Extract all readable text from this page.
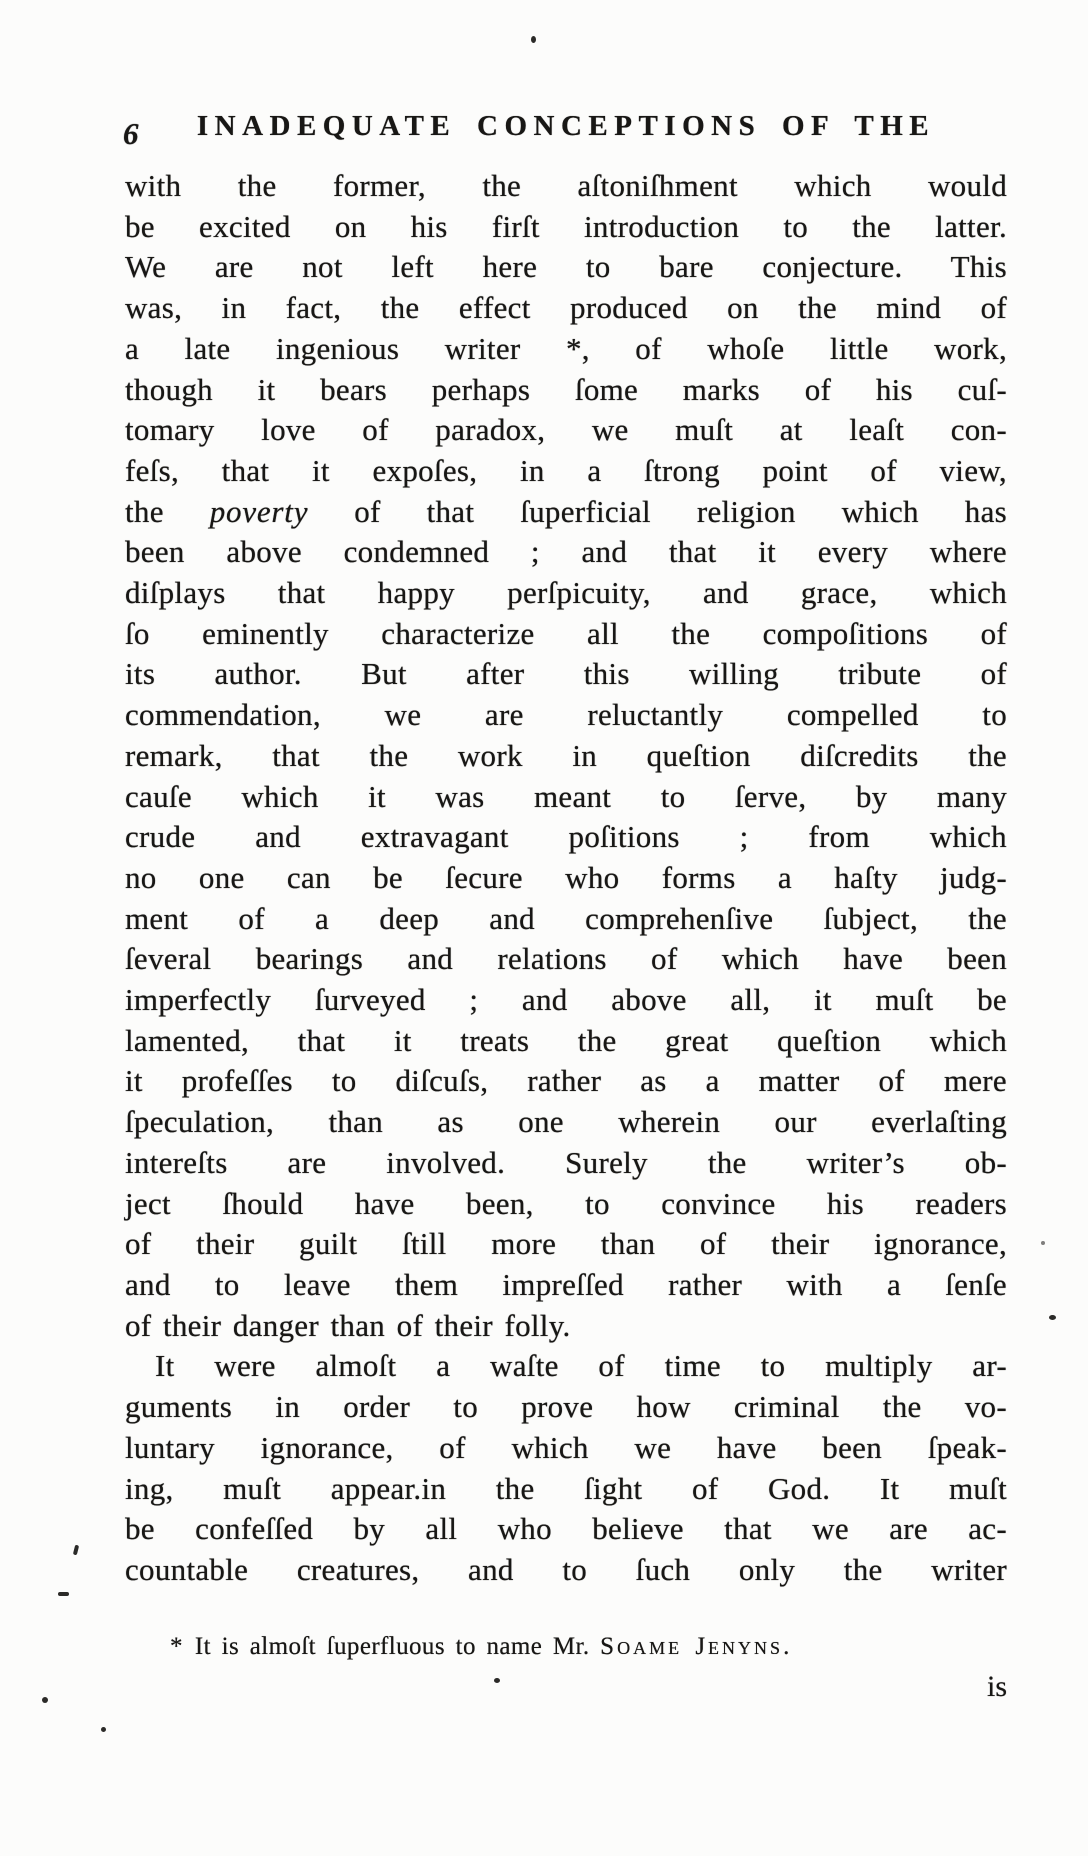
6	INADEQUATE CONCEPTIONS OF THE
with the former, the aſtoniſhment which would
be excited on his firſt introduction to the latter.
We are not left here to bare conjecture. This
was, in fact, the effect produced on the mind of
a late ingenious writer *, of whoſe little work,
though it bears perhaps ſome marks of his cuſ-
tomary love of paradox, we muſt at leaſt con-
feſs, that it expoſes, in a ſtrong point of view,
the poverty of that ſuperficial religion which has
been above condemned ; and that it every where
diſplays that happy perſpicuity, and grace, which
ſo eminently characterize all the compoſitions of
its author. But after this willing tribute of
commendation, we are reluctantly compelled to
remark, that the work in queſtion diſcredits the
cauſe which it was meant to ſerve, by many
crude and extravagant poſitions ; from which
no one can be ſecure who forms a haſty judg-
ment of a deep and comprehenſive ſubject, the
ſeveral bearings and relations of which have been
imperfectly ſurveyed ; and above all, it muſt be
lamented, that it treats the great queſtion which
it profeſſes to diſcuſs, rather as a matter of mere
ſpeculation, than as one wherein our everlaſting
intereſts are involved. Surely the writer’s ob-
ject ſhould have been, to convince his readers
of their guilt ſtill more than of their ignorance,
and to leave them impreſſed rather with a ſenſe
of their danger than of their folly.
It were almoſt a waſte of time to multiply ar-
guments in order to prove how criminal the vo-
luntary ignorance, of which we have been ſpeak-
ing, muſt appear.in the ſight of God. It muſt
be confeſſed by all who believe that we are ac-
countable creatures, and to ſuch only the writer
* It is almoſt ſuperfluous to name Mr. Soame Jenyns.
is
